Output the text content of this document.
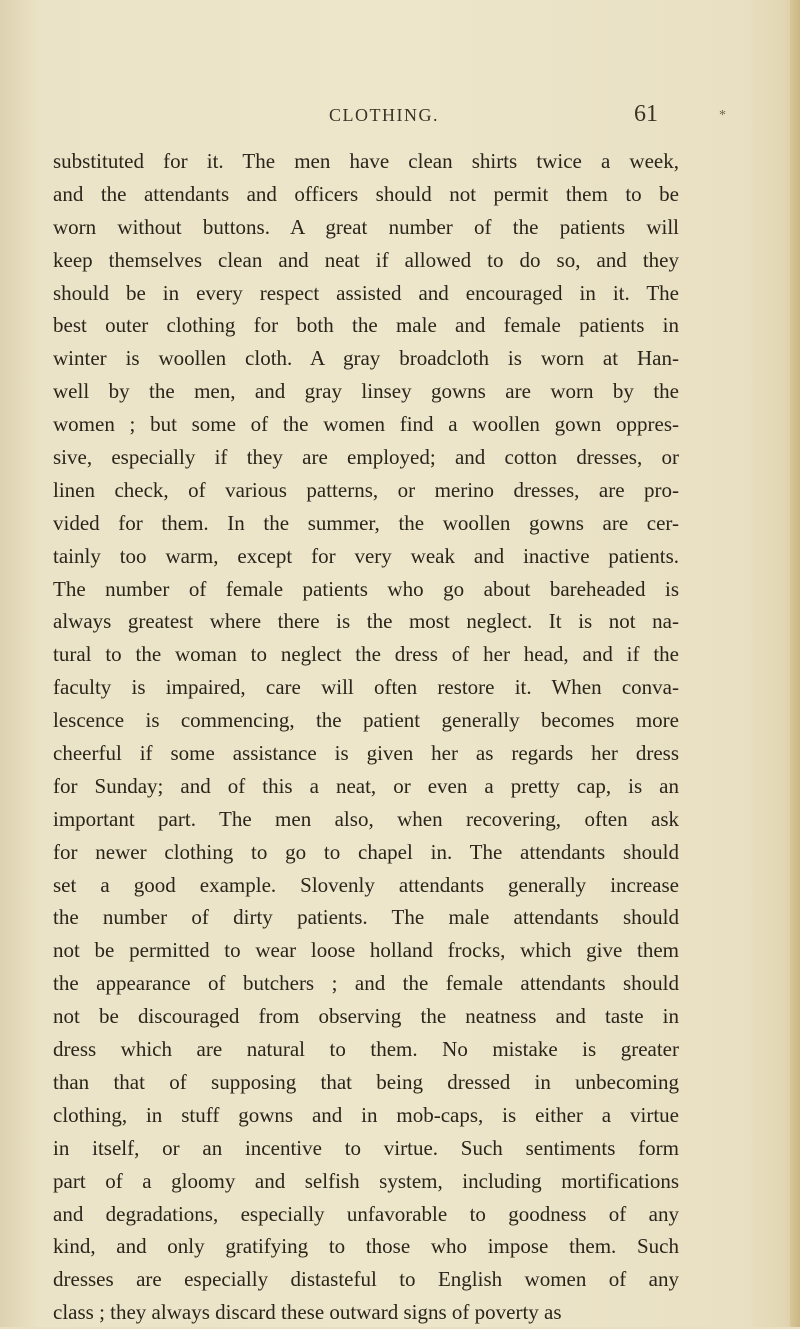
CLOTHING.	61	*
substituted for it. The men have clean shirts twice a week,
and the attendants and officers should not permit them to be
worn without buttons. A great number of the patients will
keep themselves clean and neat if allowed to do so, and they
should be in every respect assisted and encouraged in it. The
best outer clothing for both the male and female patients in
winter is woollen cloth. A gray broadcloth is worn at Han-
well by the men, and gray linsey gowns are worn by the
women ; but some of the women find a woollen gown oppres-
sive, especially if they are employed; and cotton dresses, or
linen check, of various patterns, or merino dresses, are pro-
vided for them. In the summer, the woollen gowns are cer-
tainly too warm, except for very weak and inactive patients.
The number of female patients who go about bareheaded is
always greatest where there is the most neglect. It is not na-
tural to the woman to neglect the dress of her head, and if the
faculty is impaired, care will often restore it. When conva-
lescence is commencing, the patient generally becomes more
cheerful if some assistance is given her as regards her dress
for Sunday; and of this a neat, or even a pretty cap, is an
important part. The men also, when recovering, often ask
for newer clothing to go to chapel in. The attendants should
set a good example. Slovenly attendants generally increase
the number of dirty patients. The male attendants should
not be permitted to wear loose holland frocks, which give them
the appearance of butchers ; and the female attendants should
not be discouraged from observing the neatness and taste in
dress which are natural to them. No mistake is greater
than that of supposing that being dressed in unbecoming
clothing, in stuff gowns and in mob-caps, is either a virtue
in itself, or an incentive to virtue. Such sentiments form
part of a gloomy and selfish system, including mortifications
and degradations, especially unfavorable to goodness of any
kind, and only gratifying to those who impose them. Such
dresses are especially distasteful to English women of any
class ; they always discard these outward signs of poverty as
